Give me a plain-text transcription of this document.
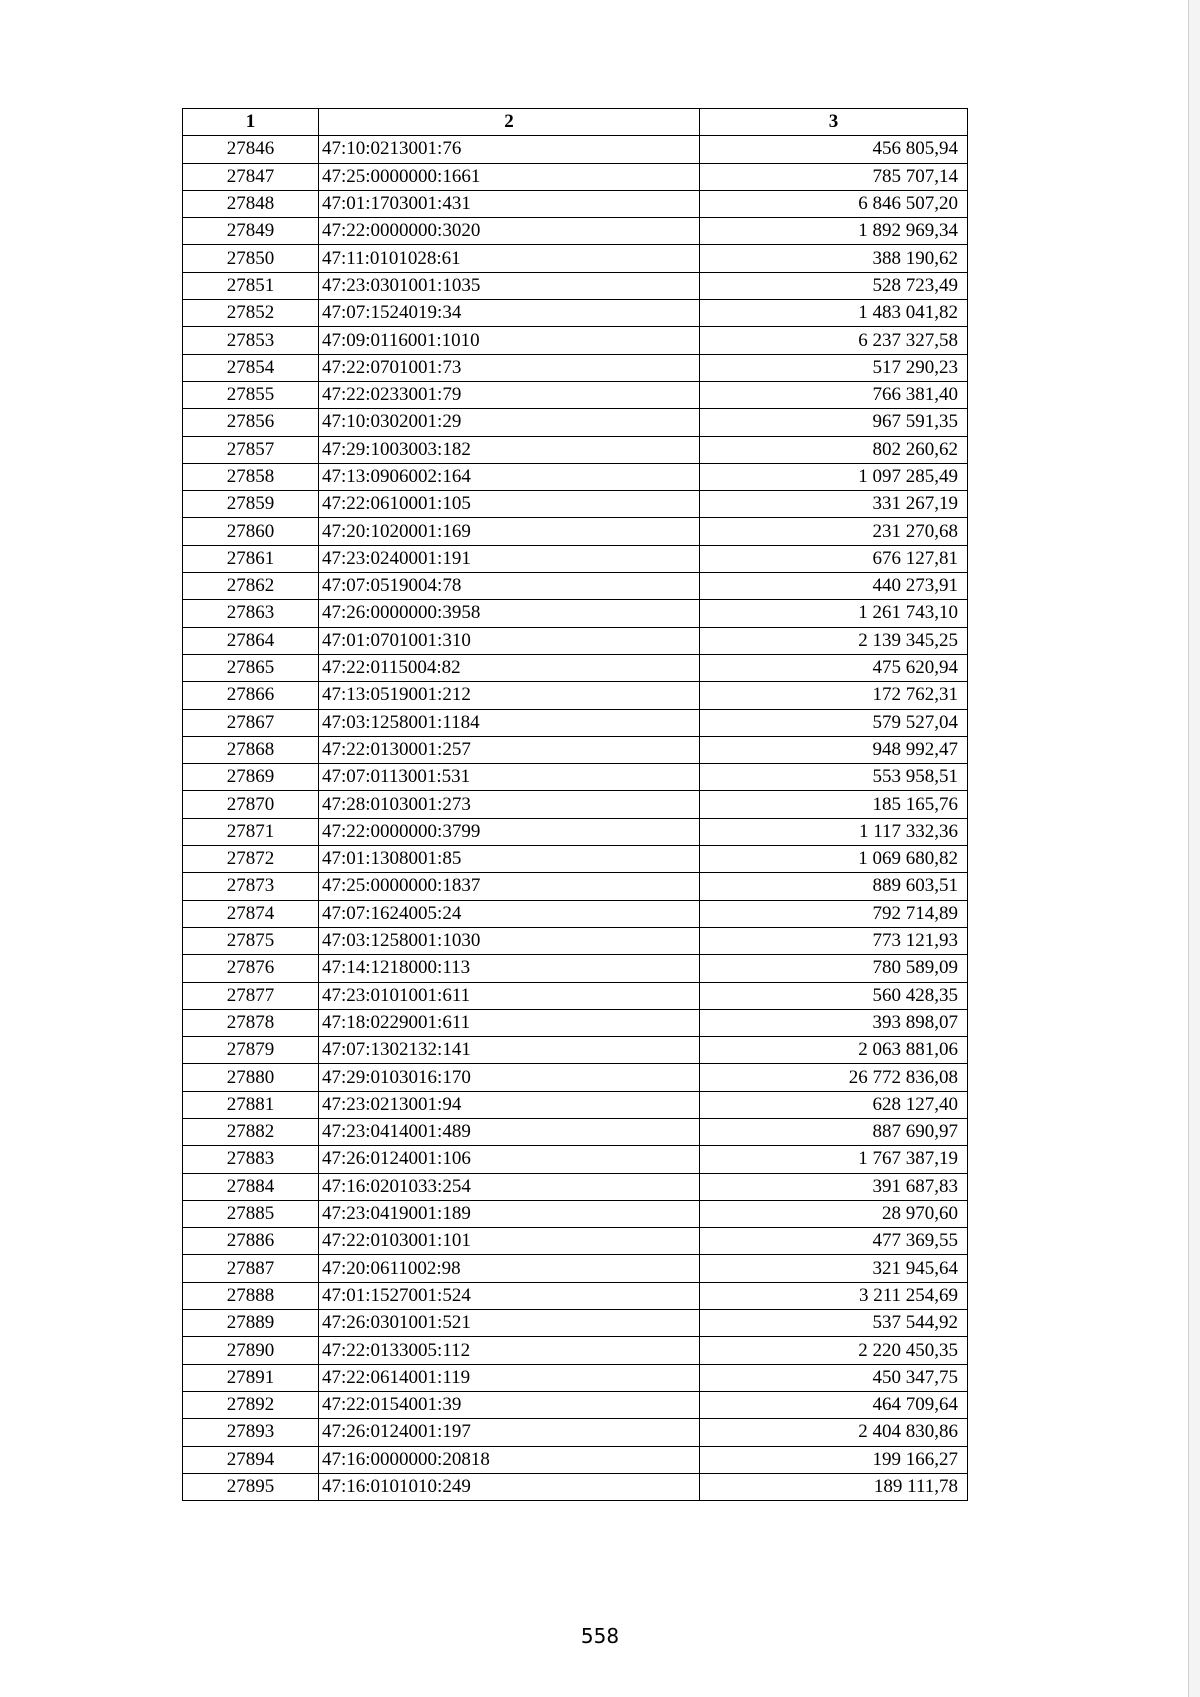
1	2	3
27846	47:10:0213001:76	456 805,94
27847	47:25:0000000:1661	785 707,14
27848	47:01:1703001:431	6 846 507,20
27849	47:22:0000000:3020	1 892 969,34
27850	47:11:0101028:61	388 190,62
27851	47:23:0301001:1035	528 723,49
27852	47:07:1524019:34	1 483 041,82
27853	47:09:0116001:1010	6 237 327,58
27854	47:22:0701001:73	517 290,23
27855	47:22:0233001:79	766 381,40
27856	47:10:0302001:29	967 591,35
27857	47:29:1003003:182	802 260,62
27858	47:13:0906002:164	1 097 285,49
27859	47:22:0610001:105	331 267,19
27860	47:20:1020001:169	231 270,68
27861	47:23:0240001:191	676 127,81
27862	47:07:0519004:78	440 273,91
27863	47:26:0000000:3958	1 261 743,10
27864	47:01:0701001:310	2 139 345,25
27865	47:22:0115004:82	475 620,94
27866	47:13:0519001:212	172 762,31
27867	47:03:1258001:1184	579 527,04
27868	47:22:0130001:257	948 992,47
27869	47:07:0113001:531	553 958,51
27870	47:28:0103001:273	185 165,76
27871	47:22:0000000:3799	1 117 332,36
27872	47:01:1308001:85	1 069 680,82
27873	47:25:0000000:1837	889 603,51
27874	47:07:1624005:24	792 714,89
27875	47:03:1258001:1030	773 121,93
27876	47:14:1218000:113	780 589,09
27877	47:23:0101001:611	560 428,35
27878	47:18:0229001:611	393 898,07
27879	47:07:1302132:141	2 063 881,06
27880	47:29:0103016:170	26 772 836,08
27881	47:23:0213001:94	628 127,40
27882	47:23:0414001:489	887 690,97
27883	47:26:0124001:106	1 767 387,19
27884	47:16:0201033:254	391 687,83
27885	47:23:0419001:189	28 970,60
27886	47:22:0103001:101	477 369,55
27887	47:20:0611002:98	321 945,64
27888	47:01:1527001:524	3 211 254,69
27889	47:26:0301001:521	537 544,92
27890	47:22:0133005:112	2 220 450,35
27891	47:22:0614001:119	450 347,75
27892	47:22:0154001:39	464 709,64
27893	47:26:0124001:197	2 404 830,86
27894	47:16:0000000:20818	199 166,27
27895	47:16:0101010:249	189 111,78
558
